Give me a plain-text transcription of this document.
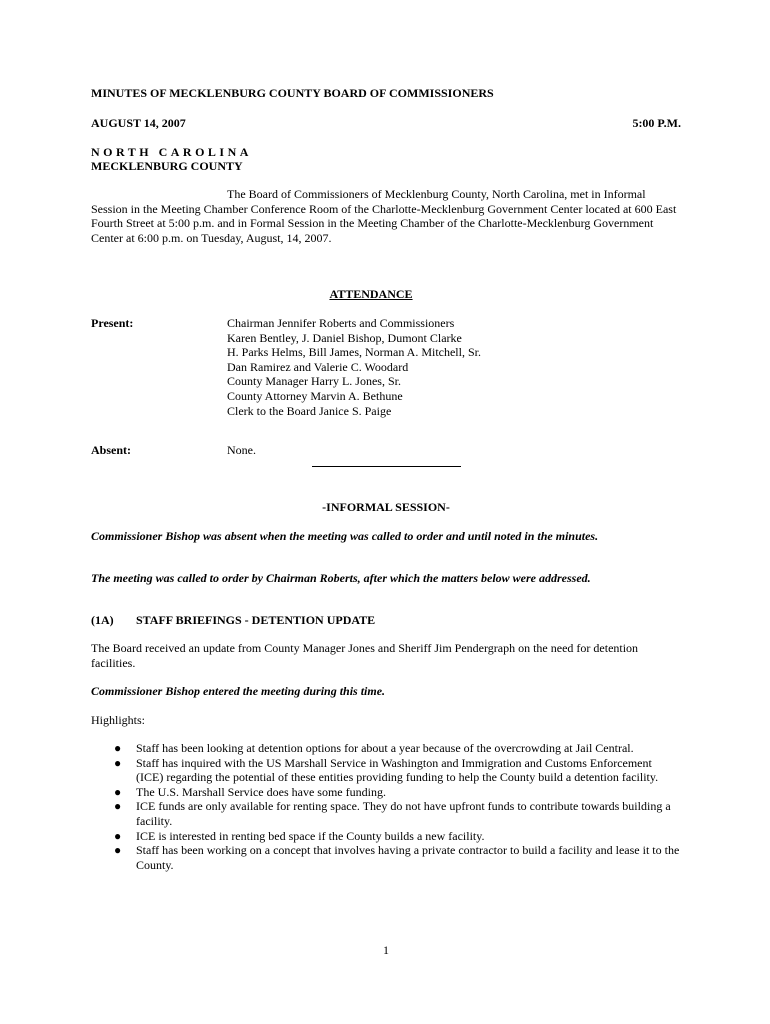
MINUTES OF MECKLENBURG COUNTY BOARD OF COMMISSIONERS
AUGUST 14, 2007	5:00 P.M.
NORTH CAROLINA
MECKLENBURG COUNTY

The Board of Commissioners of Mecklenburg County, North Carolina, met in Informal Session in the Meeting Chamber Conference Room of the Charlotte-Mecklenburg Government Center located at 600 East Fourth Street at 5:00 p.m. and in Formal Session in the Meeting Chamber of the Charlotte-Mecklenburg Government Center at 6:00 p.m. on Tuesday, August, 14, 2007.

ATTENDANCE
Present:	Chairman Jennifer Roberts and Commissioners
Karen Bentley, J. Daniel Bishop, Dumont Clarke
H. Parks Helms, Bill James, Norman A. Mitchell, Sr.
Dan Ramirez and Valerie C. Woodard
County Manager Harry L. Jones, Sr.
County Attorney Marvin A. Bethune
Clerk to the Board Janice S. Paige
Absent:	None.
-INFORMAL SESSION-
Commissioner Bishop was absent when the meeting was called to order and until noted in the minutes.
The meeting was called to order by Chairman Roberts, after which the matters below were addressed.
(1A) STAFF BRIEFINGS - DETENTION UPDATE
The Board received an update from County Manager Jones and Sheriff Jim Pendergraph on the need for detention facilities.
Commissioner Bishop entered the meeting during this time.
Highlights:
● Staff has been looking at detention options for about a year because of the overcrowding at Jail Central.
● Staff has inquired with the US Marshall Service in Washington and Immigration and Customs Enforcement (ICE) regarding the potential of these entities providing funding to help the County build a detention facility.
● The U.S. Marshall Service does have some funding.
● ICE funds are only available for renting space. They do not have upfront funds to contribute towards building a facility.
● ICE is interested in renting bed space if the County builds a new facility.
● Staff has been working on a concept that involves having a private contractor to build a facility and lease it to the County.
1
